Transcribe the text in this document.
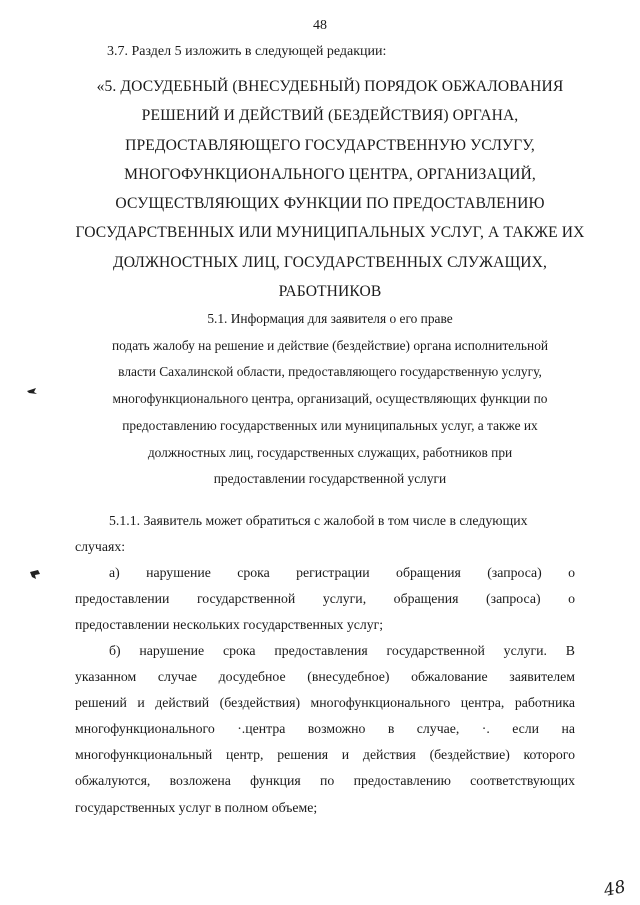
48
3.7. Раздел 5 изложить в следующей редакции:
«5. ДОСУДЕБНЫЙ (ВНЕСУДЕБНЫЙ) ПОРЯДОК ОБЖАЛОВАНИЯ
РЕШЕНИЙ И ДЕЙСТВИЙ (БЕЗДЕЙСТВИЯ) ОРГАНА,
ПРЕДОСТАВЛЯЮЩЕГО ГОСУДАРСТВЕННУЮ УСЛУГУ,
МНОГОФУНКЦИОНАЛЬНОГО ЦЕНТРА, ОРГАНИЗАЦИЙ,
ОСУЩЕСТВЛЯЮЩИХ ФУНКЦИИ ПО ПРЕДОСТАВЛЕНИЮ
ГОСУДАРСТВЕННЫХ ИЛИ МУНИЦИПАЛЬНЫХ УСЛУГ, А ТАКЖЕ ИХ
ДОЛЖНОСТНЫХ ЛИЦ, ГОСУДАРСТВЕННЫХ СЛУЖАЩИХ,
РАБОТНИКОВ
5.1. Информация для заявителя о его праве
подать жалобу на решение и действие (бездействие) органа исполнительной
власти Сахалинской области, предоставляющего государственную услугу,
многофункционального центра, организаций, осуществляющих функции по
предоставлению государственных или муниципальных услуг, а также их
должностных лиц, государственных служащих, работников при
предоставлении государственной услуги
5.1.1. Заявитель может обратиться с жалобой в том числе в следующих
случаях:
а) нарушение срока регистрации обращения (запроса) о
предоставлении государственной услуги, обращения (запроса) о
предоставлении нескольких государственных услуг;
б) нарушение срока предоставления государственной услуги. В
указанном случае досудебное (внесудебное) обжалование заявителем
решений и действий (бездействия) многофункционального центра, работника
многофункционального ·.центра возможно в случае, ·. если на
многофункциональный центр, решения и действия (бездействие) которого
обжалуются, возложена функция по предоставлению соответствующих
государственных услуг в полном объеме;
48
